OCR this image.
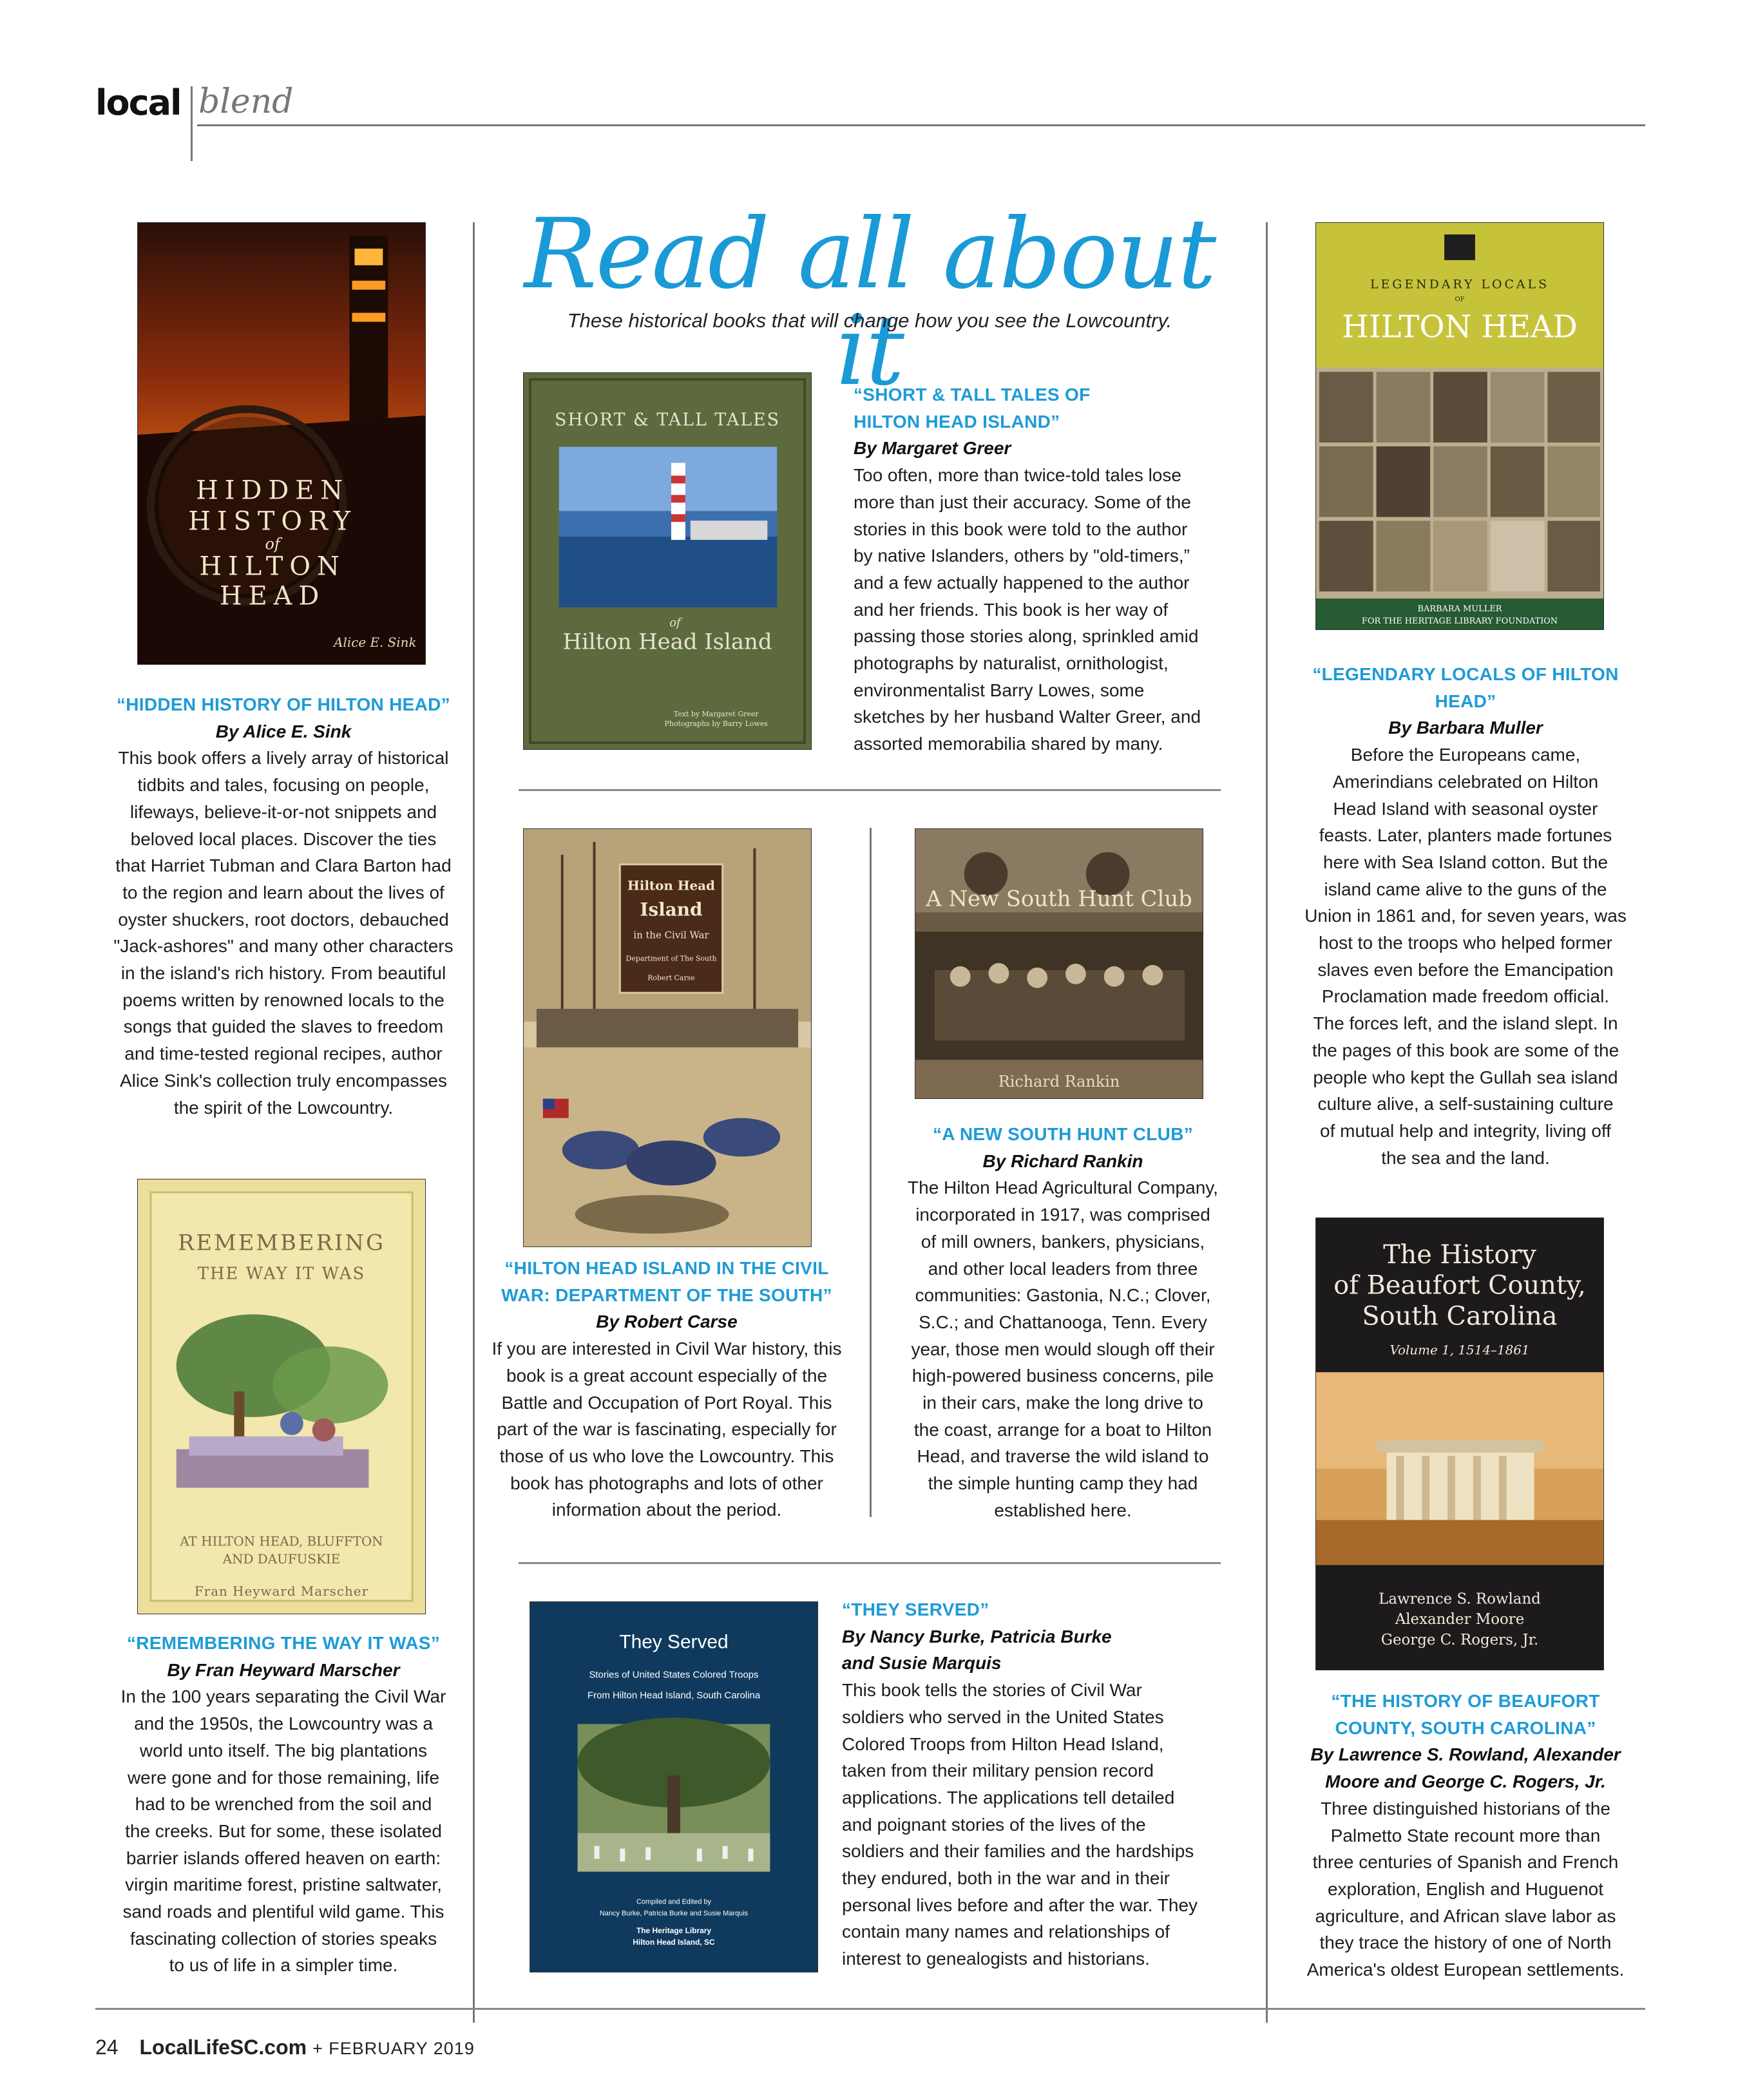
local blend
Read all about it
These historical books that will change how you see the Lowcountry.
HIDDEN
HISTORY
of
HILTON
HEAD
Alice E. Sink
“HIDDEN HISTORY OF HILTON HEAD”
By Alice E. Sink
This book offers a lively array of historical
tidbits and tales, focusing on people,
lifeways, believe-it-or-not snippets and
beloved local places. Discover the ties
that Harriet Tubman and Clara Barton had
to the region and learn about the lives of
oyster shuckers, root doctors, debauched
"Jack-ashores" and many other characters
in the island's rich history. From beautiful
poems written by renowned locals to the
songs that guided the slaves to freedom
and time-tested regional recipes, author
Alice Sink's collection truly encompasses
the spirit of the Lowcountry.
REMEMBERING
THE WAY IT WAS
AT HILTON HEAD, BLUFFTON
AND DAUFUSKIE
Fran Heyward Marscher
“REMEMBERING THE WAY IT WAS”
By Fran Heyward Marscher
In the 100 years separating the Civil War
and the 1950s, the Lowcountry was a
world unto itself. The big plantations
were gone and for those remaining, life
had to be wrenched from the soil and
the creeks. But for some, these isolated
barrier islands offered heaven on earth:
virgin maritime forest, pristine saltwater,
sand roads and plentiful wild game. This
fascinating collection of stories speaks
to us of life in a simpler time.
SHORT & TALL TALES
of
Hilton Head Island
Text by Margaret Greer
Photographs by Barry Lowes
“SHORT & TALL TALES OF
HILTON HEAD ISLAND”
By Margaret Greer
Too often, more than twice-told tales lose
more than just their accuracy. Some of the
stories in this book were told to the author
by native Islanders, others by "old-timers,”
and a few actually happened to the author
and her friends. This book is her way of
passing those stories along, sprinkled amid
photographs by naturalist, ornithologist,
environmentalist Barry Lowes, some
sketches by her husband Walter Greer, and
assorted memorabilia shared by many.
Hilton Head
Island
in the Civil War
Department of The South
Robert Carse
“HILTON HEAD ISLAND IN THE CIVIL
WAR: DEPARTMENT OF THE SOUTH”
By Robert Carse
If you are interested in Civil War history, this
book is a great account especially of the
Battle and Occupation of Port Royal. This
part of the war is fascinating, especially for
those of us who love the Lowcountry. This
book has photographs and lots of other
information about the period.
A New South Hunt Club
Richard Rankin
“A NEW SOUTH HUNT CLUB”
By Richard Rankin
The Hilton Head Agricultural Company,
incorporated in 1917, was comprised
of mill owners, bankers, physicians,
and other local leaders from three
communities: Gastonia, N.C.; Clover,
S.C.; and Chattanooga, Tenn. Every
year, those men would slough off their
high-powered business concerns, pile
in their cars, make the long drive to
the coast, arrange for a boat to Hilton
Head, and traverse the wild island to
the simple hunting camp they had
established here.
They Served
Stories of United States Colored Troops
From Hilton Head Island, South Carolina
Compiled and Edited by
Nancy Burke, Patricia Burke and Susie Marquis
The Heritage Library
Hilton Head Island, SC
“THEY SERVED”
By Nancy Burke, Patricia Burke
and Susie Marquis
This book tells the stories of Civil War
soldiers who served in the United States
Colored Troops from Hilton Head Island,
taken from their military pension record
applications. The applications tell detailed
and poignant stories of the lives of the
soldiers and their families and the hardships
they endured, both in the war and in their
personal lives before and after the war. They
contain many names and relationships of
interest to genealogists and historians.
LEGENDARY LOCALS
OF
HILTON HEAD
BARBARA MULLER
FOR THE HERITAGE LIBRARY FOUNDATION
“LEGENDARY LOCALS OF HILTON
HEAD”
By Barbara Muller
Before the Europeans came,
Amerindians celebrated on Hilton
Head Island with seasonal oyster
feasts. Later, planters made fortunes
here with Sea Island cotton. But the
island came alive to the guns of the
Union in 1861 and, for seven years, was
host to the troops who helped former
slaves even before the Emancipation
Proclamation made freedom official.
The forces left, and the island slept. In
the pages of this book are some of the
people who kept the Gullah sea island
culture alive, a self-sustaining culture
of mutual help and integrity, living off
the sea and the land.
The History
of Beaufort County,
South Carolina
Volume 1, 1514–1861
Lawrence S. Rowland
Alexander Moore
George C. Rogers, Jr.
“THE HISTORY OF BEAUFORT
COUNTY, SOUTH CAROLINA”
By Lawrence S. Rowland, Alexander
Moore and George C. Rogers, Jr.
Three distinguished historians of the
Palmetto State recount more than
three centuries of Spanish and French
exploration, English and Huguenot
agriculture, and African slave labor as
they trace the history of one of North
America's oldest European settlements.
24 LocalLifeSC.com + FEBRUARY 2019
